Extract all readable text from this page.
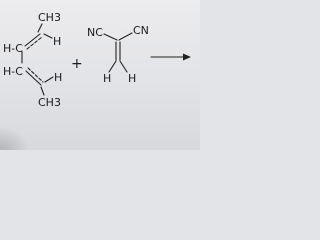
CH3
H-C
H
H-C	H
CH3
+
NC	CN
H H
